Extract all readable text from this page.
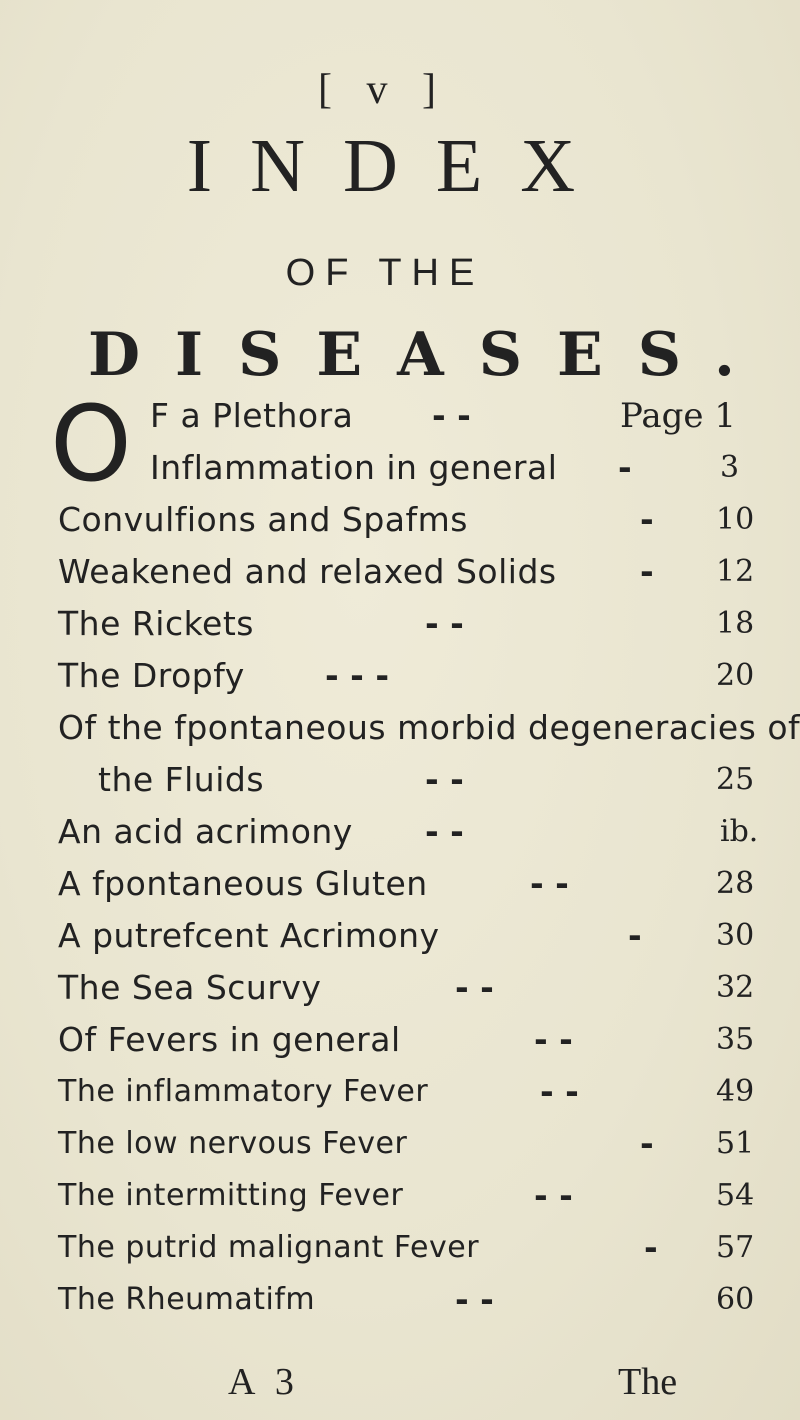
[ v ]
INDEX
OF THE
DISEASES.
O F a Plethora - -	Page 1
Inflammation in general -	3
Convulfions and Spafms	- 10
Weakened and relaxed Solids	- 12
The Rickets	- -	18
The Dropfy - - -	20
Of the fpontaneous morbid degeneracies of
the Fluids	- -	25
An acid acrimony - -	ib.
A fpontaneous Gluten	- -	28
A putrefcent Acrimony	- 30
The Sea Scurvy	- -	32
Of Fevers in general	- -	35
The inflammatory Fever	- -	49
The low nervous Fever	- 51
The intermitting Fever	- -	54
The putrid malignant Fever	- 57
The Rheumatifm	- -	60
A 3	The
